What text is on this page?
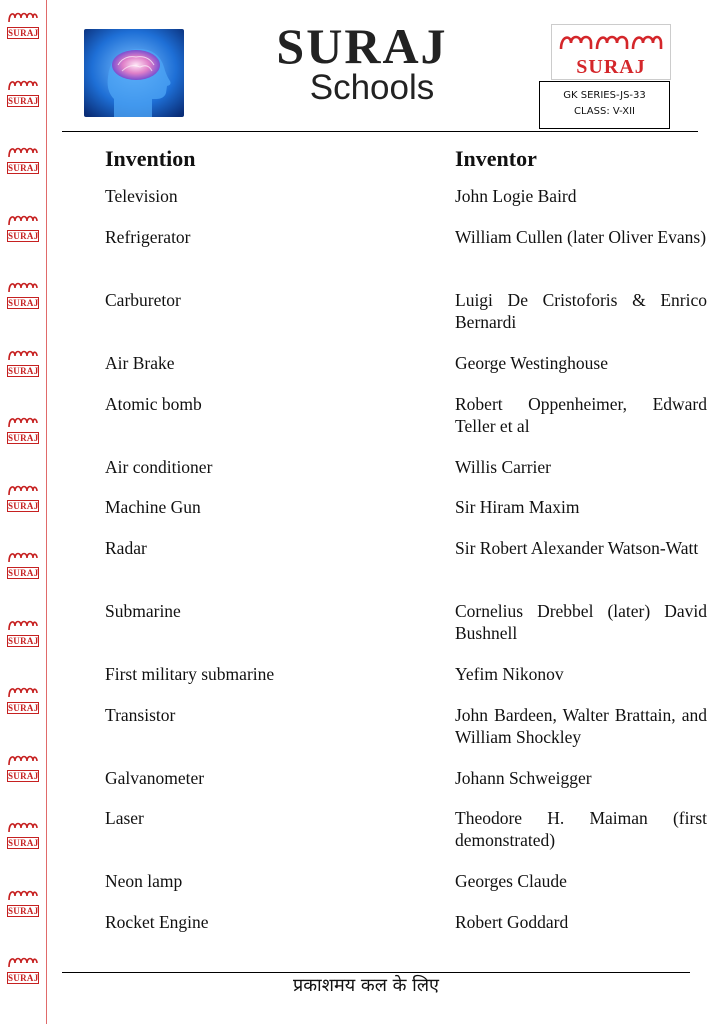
SURAJ
SURAJ
SURAJ
SURAJ
SURAJ
SURAJ
SURAJ
SURAJ
SURAJ
SURAJ
SURAJ
SURAJ
SURAJ
SURAJ
SURAJ
SURAJ
Schools
SURAJ
GK SERIES-JS-33
CLASS: V-XII
Invention	Inventor
Television	John Logie Baird
Refrigerator	William Cullen (later Oliver Evans)
Carburetor	Luigi De Cristoforis & Enrico Bernardi
Air Brake	George Westinghouse
Atomic bomb	Robert Oppenheimer, Edward Teller et al
Air conditioner	Willis Carrier
Machine Gun	Sir Hiram Maxim
Radar	Sir Robert Alexander Watson-Watt
Submarine	Cornelius Drebbel (later) David Bushnell
First military submarine	Yefim Nikonov
Transistor	John Bardeen, Walter Brattain, and William Shockley
Galvanometer	Johann Schweigger
Laser	Theodore H. Maiman (first demonstrated)
Neon lamp	Georges Claude
Rocket Engine	Robert Goddard
प्रकाशमय कल के लिए
